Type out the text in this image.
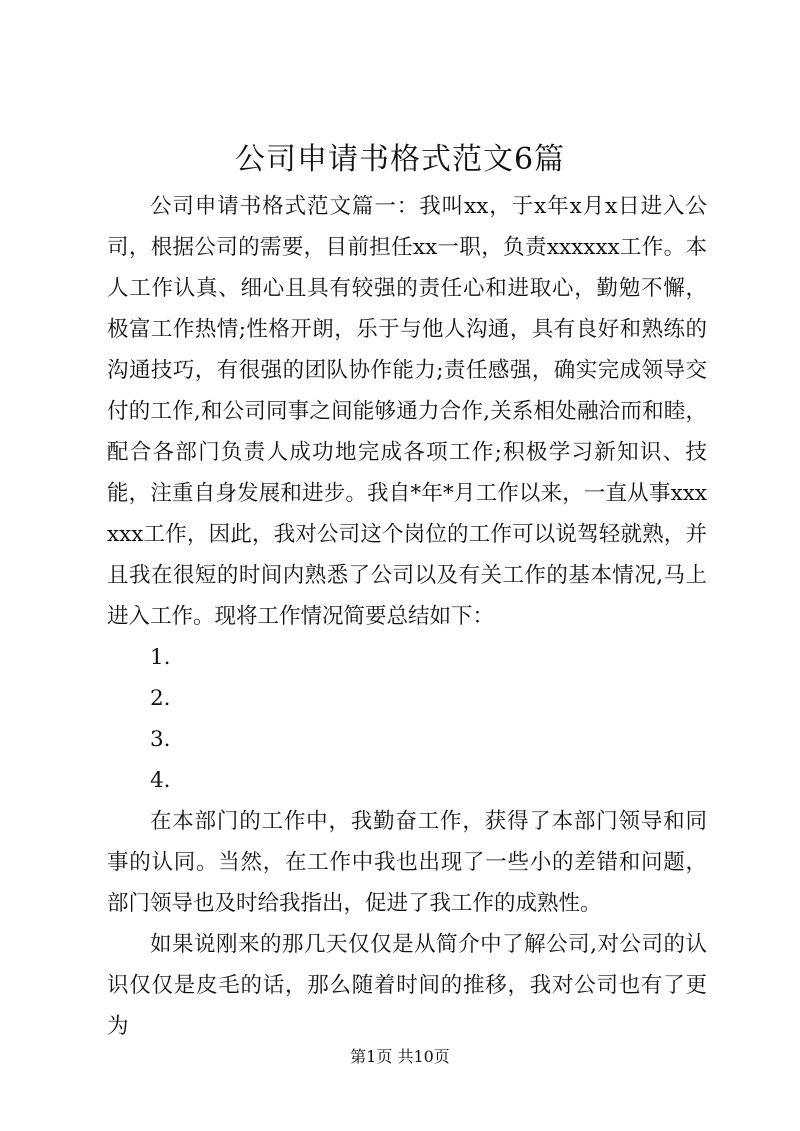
公司申请书格式范文6篇

公司申请书格式范文篇一：我叫xx，于x年x月x日进入公司，根据公司的需要，目前担任xx一职，负责xxxxxx工作。本人工作认真、细心且具有较强的责任心和进取心，勤勉不懈，极富工作热情;性格开朗，乐于与他人沟通，具有良好和熟练的沟通技巧，有很强的团队协作能力;责任感强，确实完成领导交付的工作,和公司同事之间能够通力合作,关系相处融洽而和睦，配合各部门负责人成功地完成各项工作;积极学习新知识、技能，注重自身发展和进步。我自*年*月工作以来，一直从事xxxxxx工作，因此，我对公司这个岗位的工作可以说驾轻就熟，并且我在很短的时间内熟悉了公司以及有关工作的基本情况,马上进入工作。现将工作情况简要总结如下：

1.

2.

3.

4.

在本部门的工作中，我勤奋工作，获得了本部门领导和同事的认同。当然，在工作中我也出现了一些小的差错和问题，部门领导也及时给我指出，促进了我工作的成熟性。

如果说刚来的那几天仅仅是从简介中了解公司,对公司的认识仅仅是皮毛的话，那么随着时间的推移，我对公司也有了更为

第1页 共10页
